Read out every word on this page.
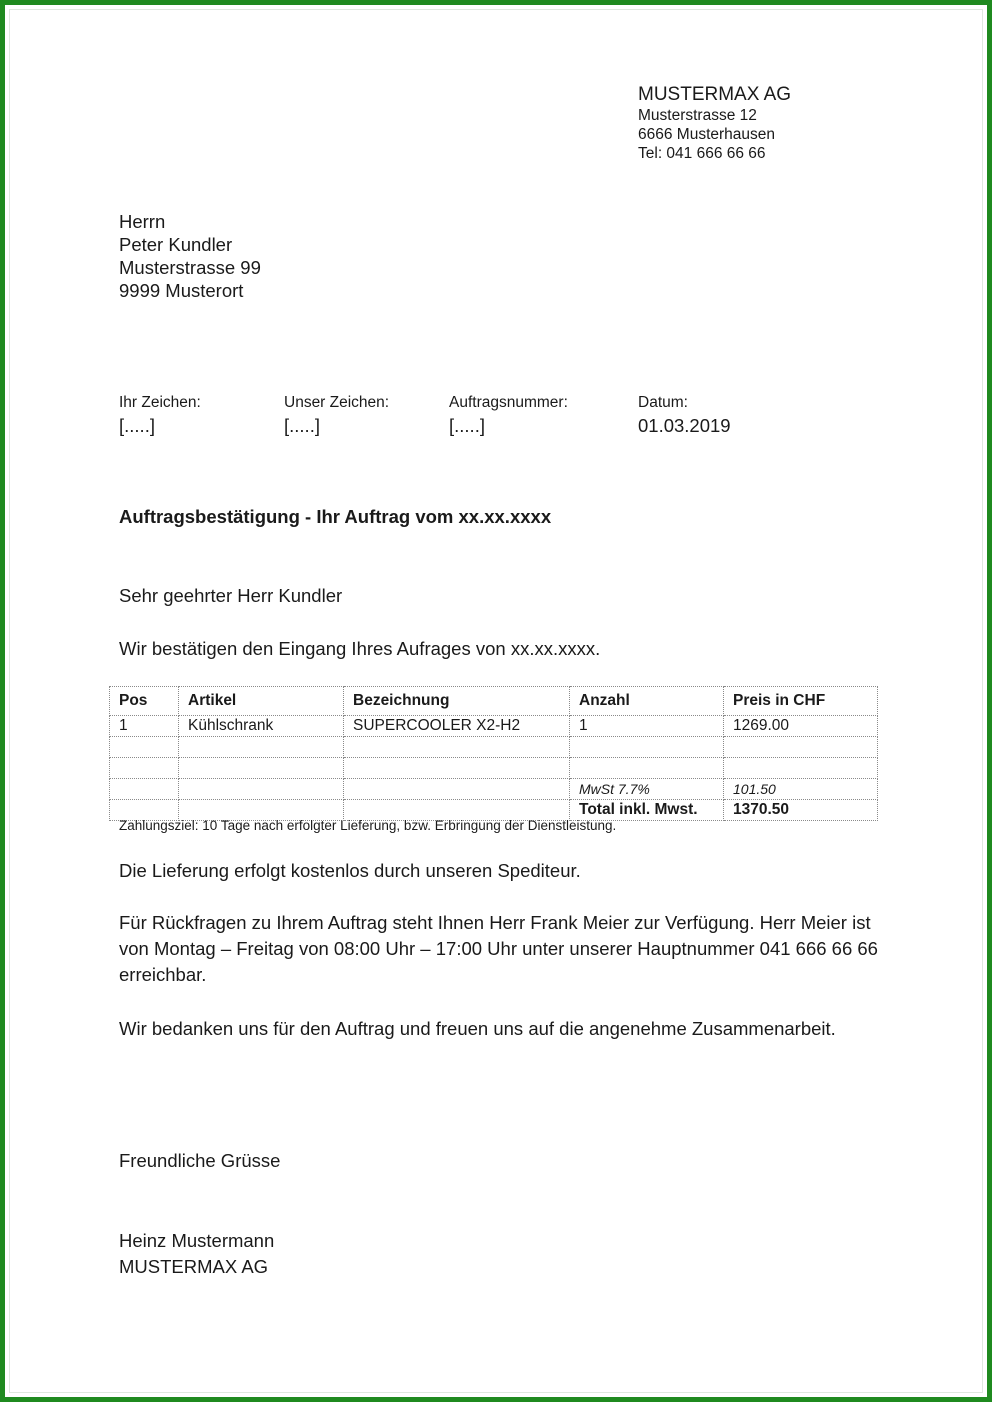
MUSTERMAX AG
Musterstrasse 12
6666 Musterhausen
Tel: 041 666 66 66
Herrn
Peter Kundler
Musterstrasse 99
9999 Musterort
Ihr Zeichen:
[.....]
Unser Zeichen:
[.....]
Auftragsnummer:
[.....]
Datum:
01.03.2019
Auftragsbestätigung - Ihr Auftrag vom xx.xx.xxxx
Sehr geehrter Herr Kundler
Wir bestätigen den Eingang Ihres Aufrages von xx.xx.xxxx.
Pos	Artikel	Bezeichnung	Anzahl	Preis in CHF
1	Kühlschrank	SUPERCOOLER X2-H2	1	1269.00

			MwSt 7.7%	101.50
			Total inkl. Mwst.	1370.50
Zahlungsziel: 10 Tage nach erfolgter Lieferung, bzw. Erbringung der Dienstleistung.
Die Lieferung erfolgt kostenlos durch unseren Spediteur.
Für Rückfragen zu Ihrem Auftrag steht Ihnen Herr Frank Meier zur Verfügung. Herr Meier ist von Montag – Freitag von 08:00 Uhr – 17:00 Uhr unter unserer Hauptnummer 041 666 66 66 erreichbar.
Wir bedanken uns für den Auftrag und freuen uns auf die angenehme Zusammenarbeit.
Freundliche Grüsse
Heinz Mustermann
MUSTERMAX AG
